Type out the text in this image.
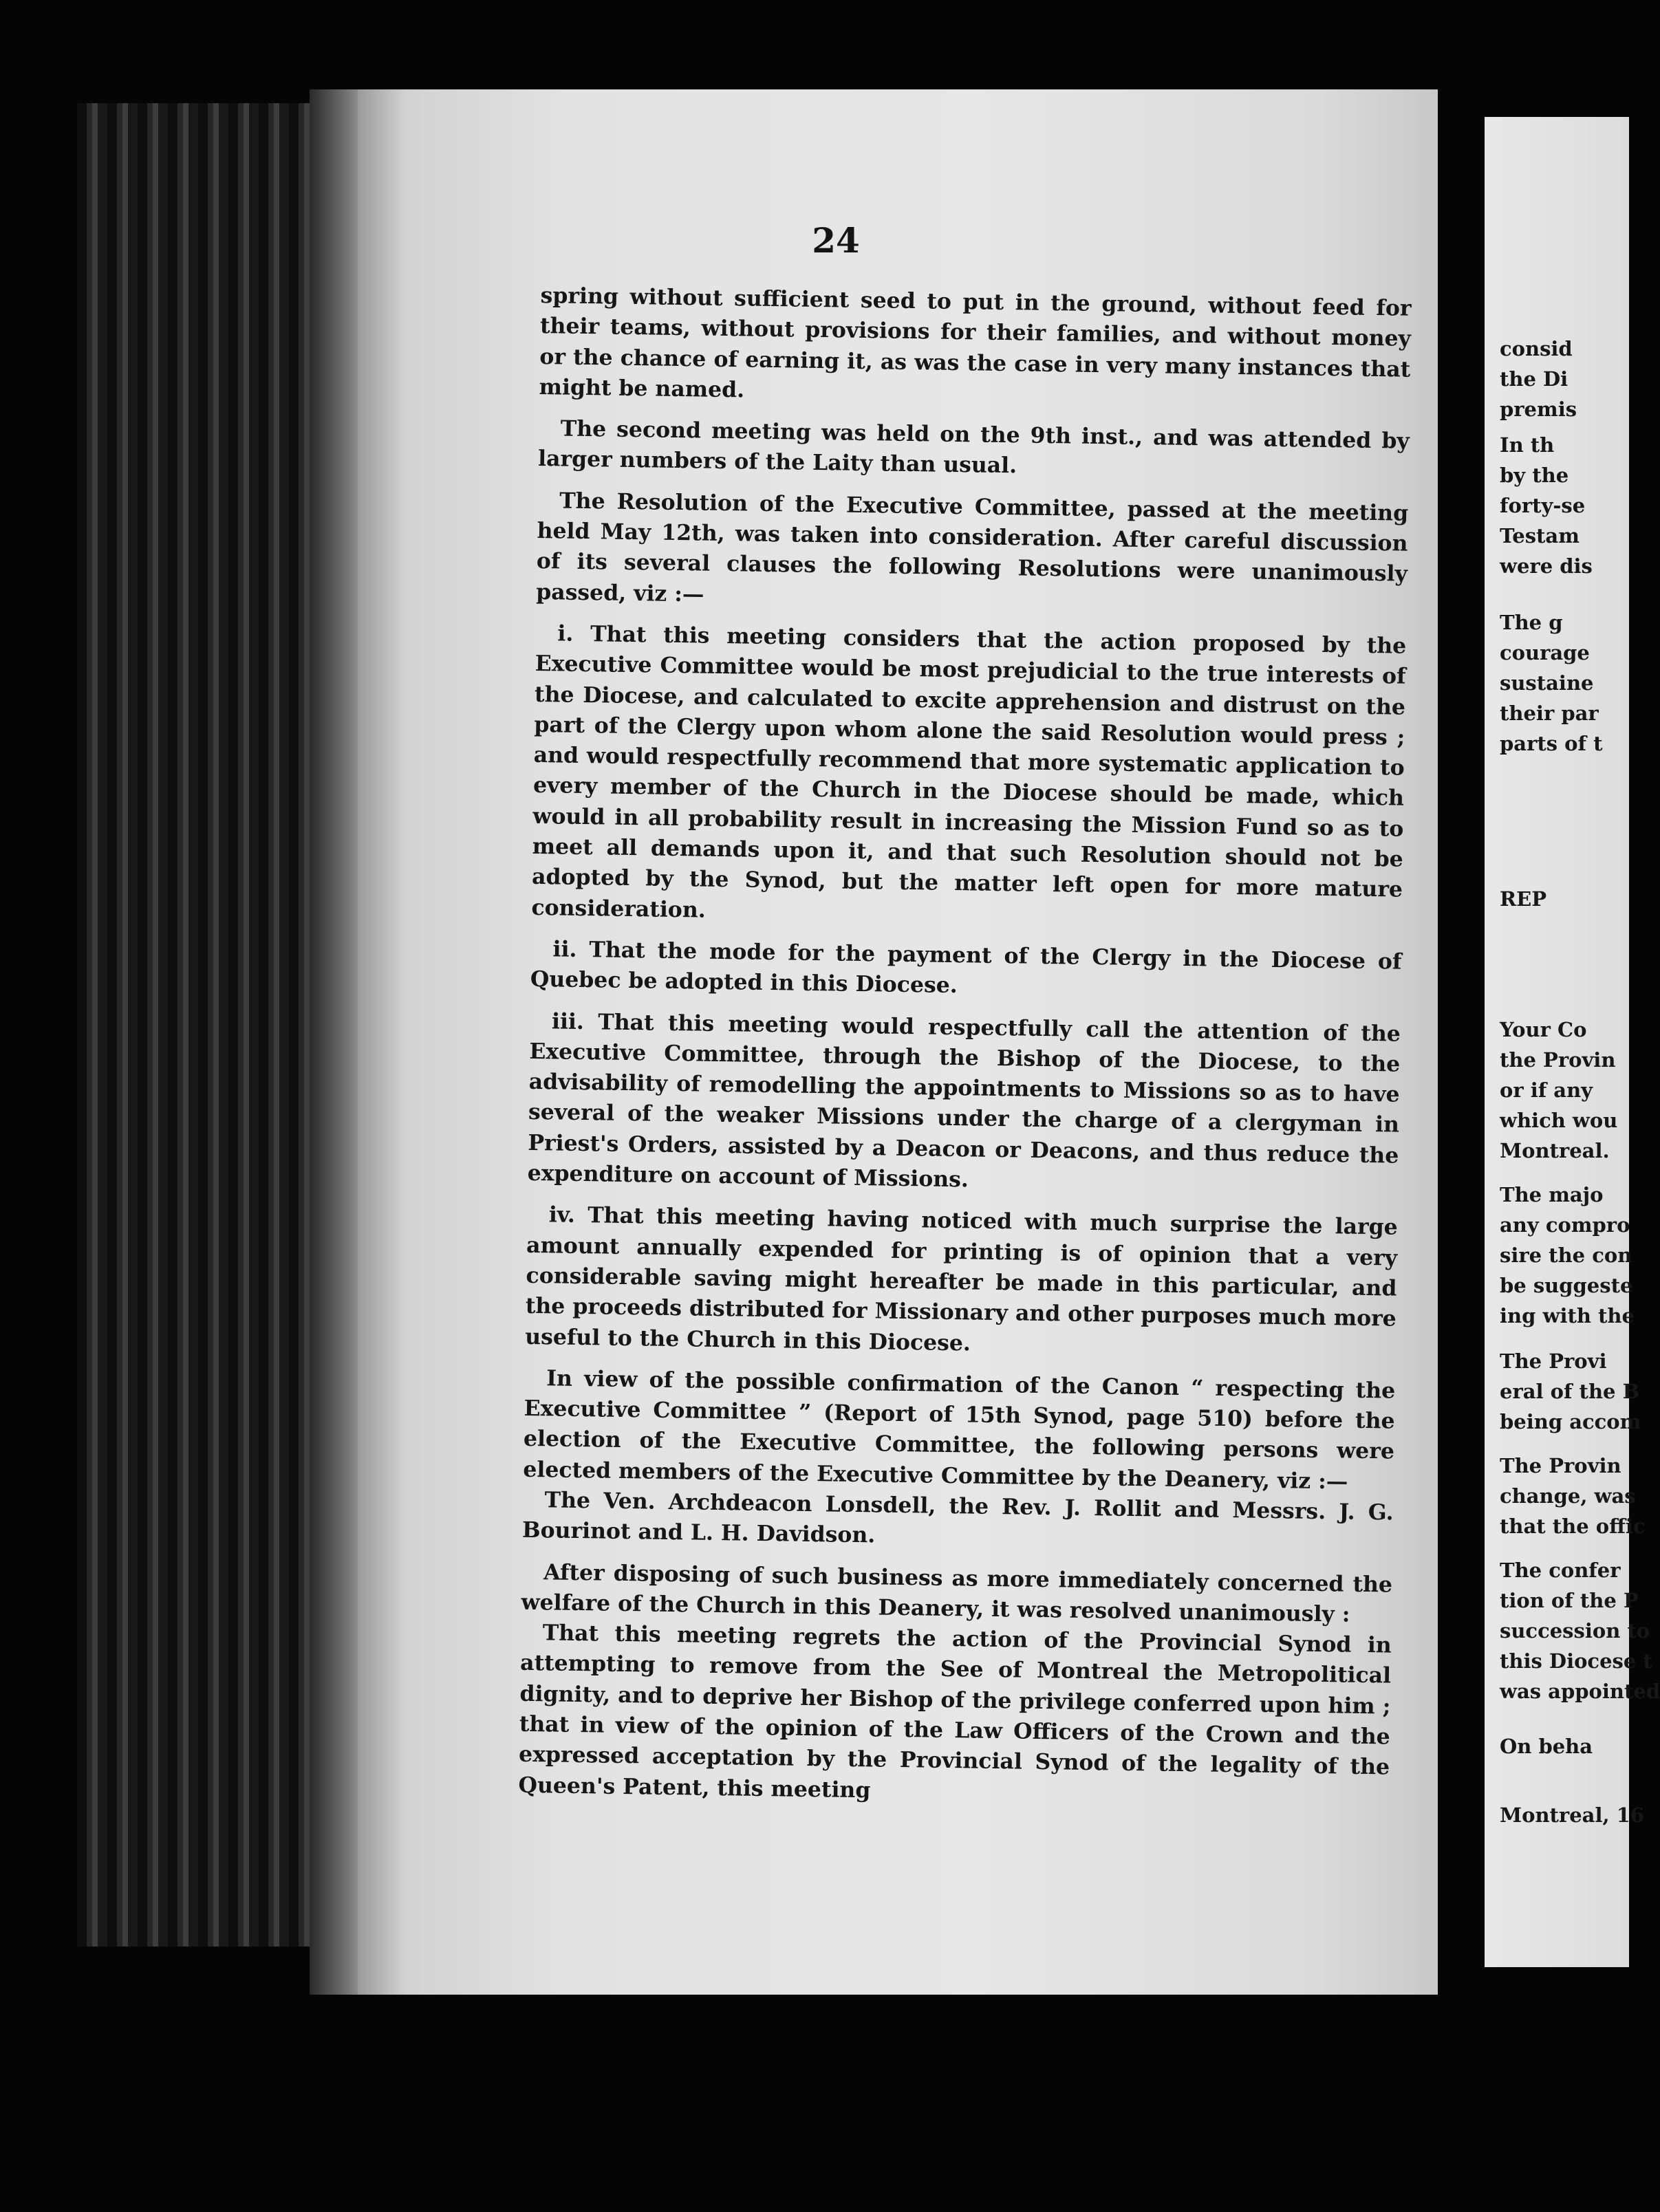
24

spring without sufficient seed to put in the ground, without feed for their teams, without provisions for their families, and without money or the chance of earning it, as was the case in very many instances that might be named.

The second meeting was held on the 9th inst., and was attended by larger numbers of the Laity than usual.

The Resolution of the Executive Committee, passed at the meeting held May 12th, was taken into consideration. After careful discussion of its several clauses the following Resolutions were unanimously passed, viz :—

i. That this meeting considers that the action proposed by the Executive Committee would be most prejudicial to the true interests of the Diocese, and calculated to excite apprehension and distrust on the part of the Clergy upon whom alone the said Resolution would press ; and would respectfully recommend that more systematic application to every member of the Church in the Diocese should be made, which would in all probability result in increasing the Mission Fund so as to meet all demands upon it, and that such Resolution should not be adopted by the Synod, but the matter left open for more mature consideration.

ii. That the mode for the payment of the Clergy in the Diocese of Quebec be adopted in this Diocese.

iii. That this meeting would respectfully call the attention of the Executive Committee, through the Bishop of the Diocese, to the advisability of remodelling the appointments to Missions so as to have several of the weaker Missions under the charge of a clergyman in Priest's Orders, assisted by a Deacon or Deacons, and thus reduce the expenditure on account of Missions.

iv. That this meeting having noticed with much surprise the large amount annually expended for printing is of opinion that a very considerable saving might hereafter be made in this particular, and the proceeds distributed for Missionary and other purposes much more useful to the Church in this Diocese.

In view of the possible confirmation of the Canon “ respecting the Executive Committee ” (Report of 15th Synod, page 510) before the election of the Executive Committee, the following persons were elected members of the Executive Committee by the Deanery, viz :—

The Ven. Archdeacon Lonsdell, the Rev. J. Rollit and Messrs. J. G. Bourinot and L. H. Davidson.

After disposing of such business as more immediately concerned the welfare of the Church in this Deanery, it was resolved unanimously :

That this meeting regrets the action of the Provincial Synod in attempting to remove from the See of Montreal the Metropolitical dignity, and to deprive her Bishop of the privilege conferred upon him ; that in view of the opinion of the Law Officers of the Crown and the expressed acceptation by the Provincial Synod of the legality of the Queen's Patent, this meeting

consid
the Di
premis
In th
by the
forty-se
Testam
were dis
The g
courage
sustaine
their par
parts of t
REP
Your Co
the Provin
or if any
which wou
Montreal.
The majo
any compro
sire the con
be suggeste
ing with the
The Provi
eral of the B
being accom
The Provin
change, was
that the offic
The confer
tion of the P
succession to
this Diocese t
was appointed
On beha
Montreal, 16
